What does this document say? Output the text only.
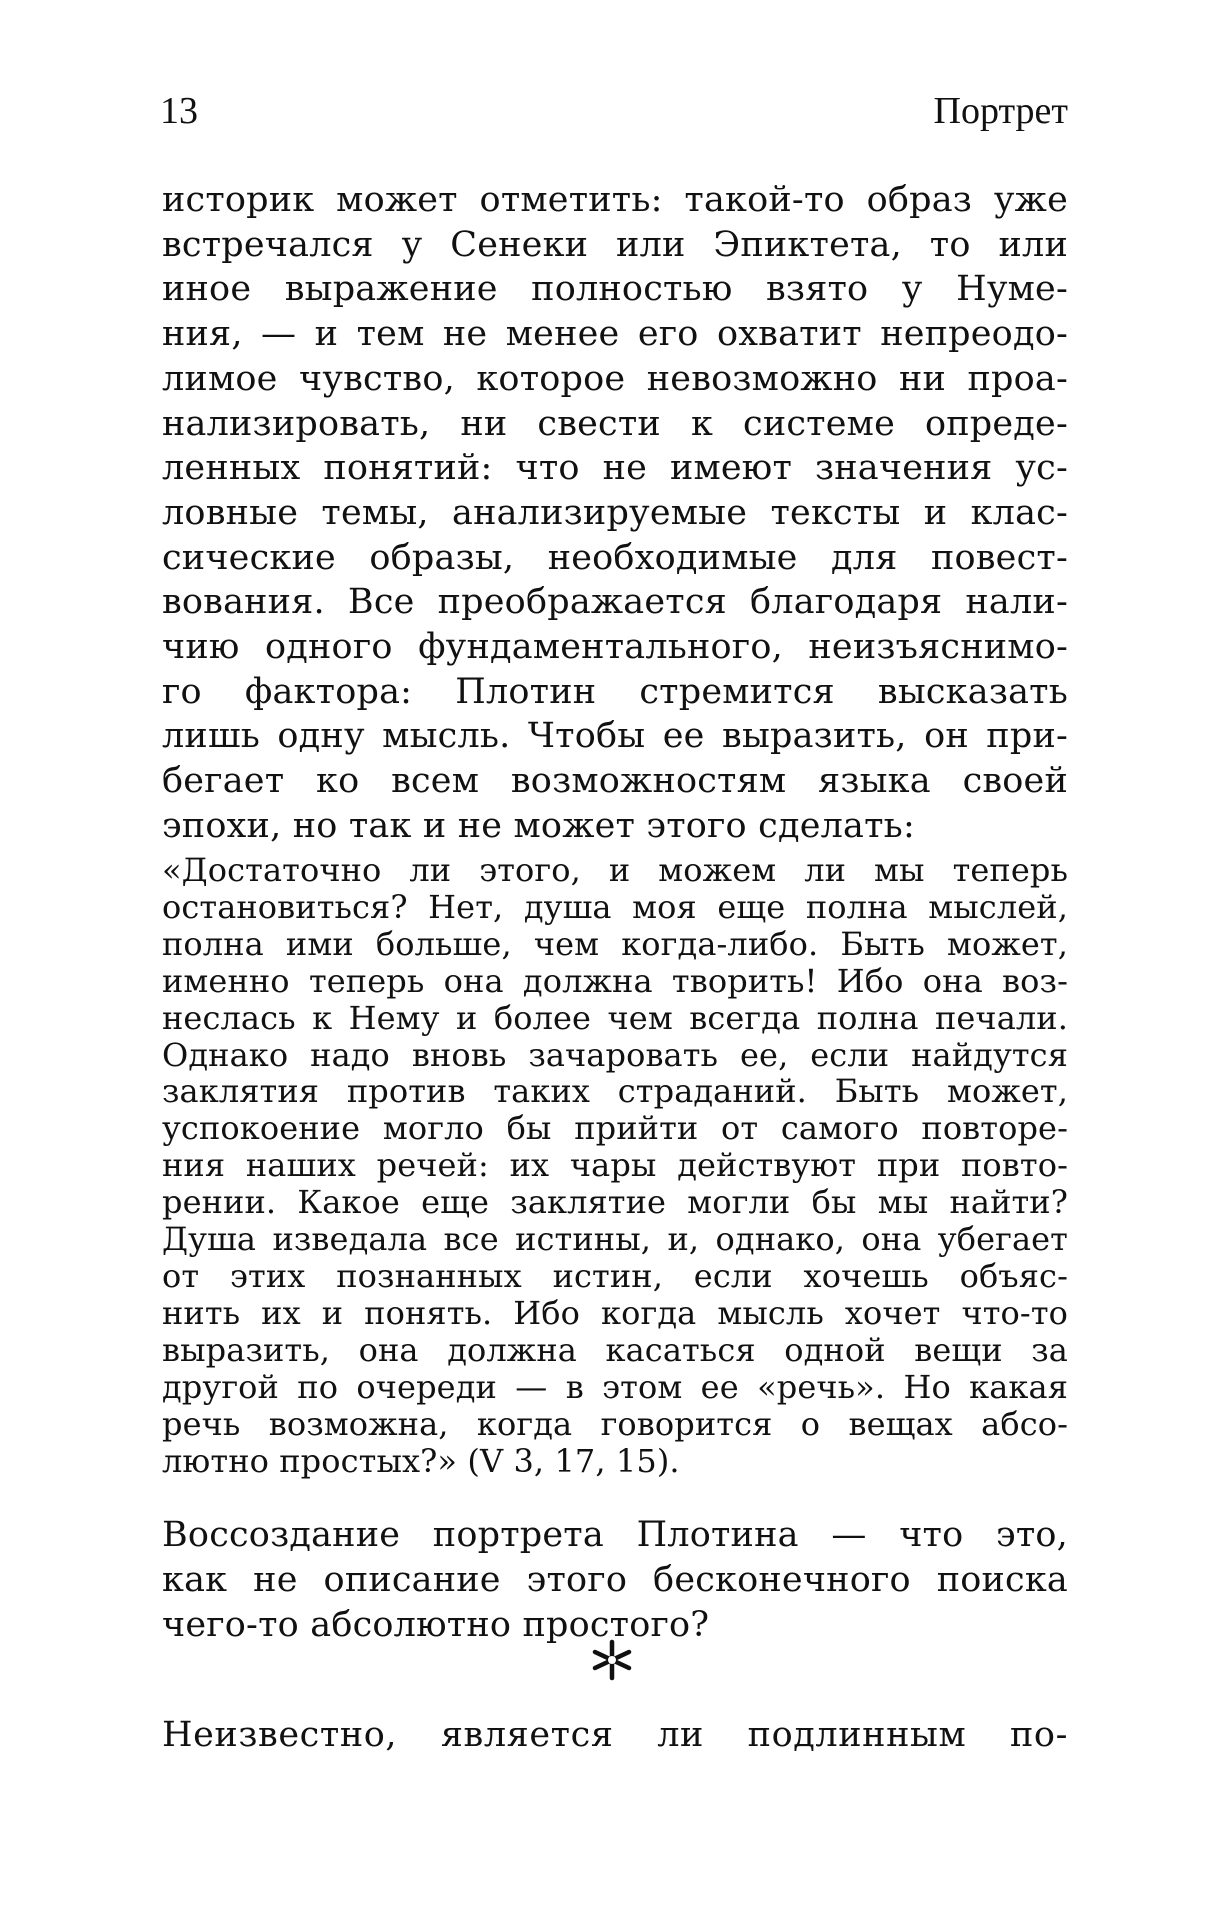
13	Портрет
историк может отметить: такой-то образ уже
встречался у Сенеки или Эпиктета, то или
иное выражение полностью взято у Нуме-
ния, — и тем не менее его охватит непреодо-
лимое чувство, которое невозможно ни проа-
нализировать, ни свести к системе опреде-
ленных понятий: что не имеют значения ус-
ловные темы, анализируемые тексты и клас-
сические образы, необходимые для повест-
вования. Все преображается благодаря нали-
чию одного фундаментального, неизъяснимо-
го фактора: Плотин стремится высказать
лишь одну мысль. Чтобы ее выразить, он при-
бегает ко всем возможностям языка своей
эпохи, но так и не может этого сделать:
«Достаточно ли этого, и можем ли мы теперь
остановиться? Нет, душа моя еще полна мыслей,
полна ими больше, чем когда-либо. Быть может,
именно теперь она должна творить! Ибо она воз-
неслась к Нему и более чем всегда полна печали.
Однако надо вновь зачаровать ее, если найдутся
заклятия против таких страданий. Быть может,
успокоение могло бы прийти от самого повторе-
ния наших речей: их чары действуют при повто-
рении. Какое еще заклятие могли бы мы найти?
Душа изведала все истины, и, однако, она убегает
от этих познанных истин, если хочешь объяс-
нить их и понять. Ибо когда мысль хочет что-то
выразить, она должна касаться одной вещи за
другой по очереди — в этом ее «речь». Но какая
речь возможна, когда говорится о вещах абсо-
лютно простых?» (V 3, 17, 15).
Воссоздание портрета Плотина — что это,
как не описание этого бесконечного поиска
чего-то абсолютно простого?
Неизвестно, является ли подлинным по-
